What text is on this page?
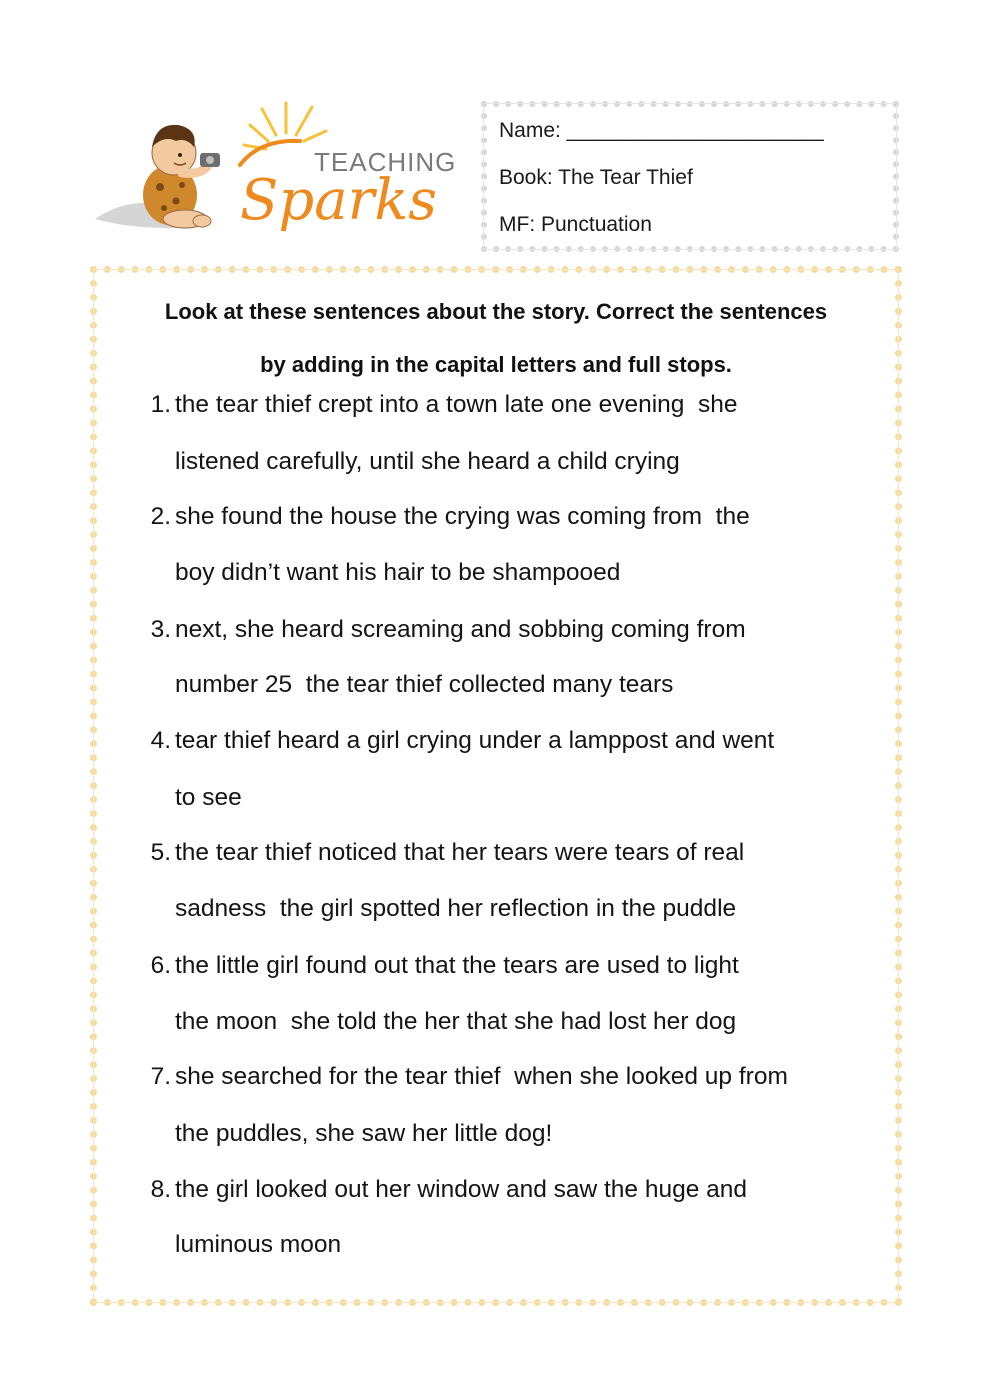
TEACHING
Sparks
Name: ______________________
Book: The Tear Thief
MF: Punctuation
Look at these sentences about the story. Correct the sentences
by adding in the capital letters and full stops.
1. the tear thief crept into a town late one evening  she
listened carefully, until she heard a child crying
2. she found the house the crying was coming from  the
boy didn’t want his hair to be shampooed
3. next, she heard screaming and sobbing coming from
number 25  the tear thief collected many tears
4. tear thief heard a girl crying under a lamppost and went
to see
5. the tear thief noticed that her tears were tears of real
sadness  the girl spotted her reflection in the puddle
6. the little girl found out that the tears are used to light
the moon  she told the her that she had lost her dog
7. she searched for the tear thief  when she looked up from
the puddles, she saw her little dog!
8. the girl looked out her window and saw the huge and
luminous moon
